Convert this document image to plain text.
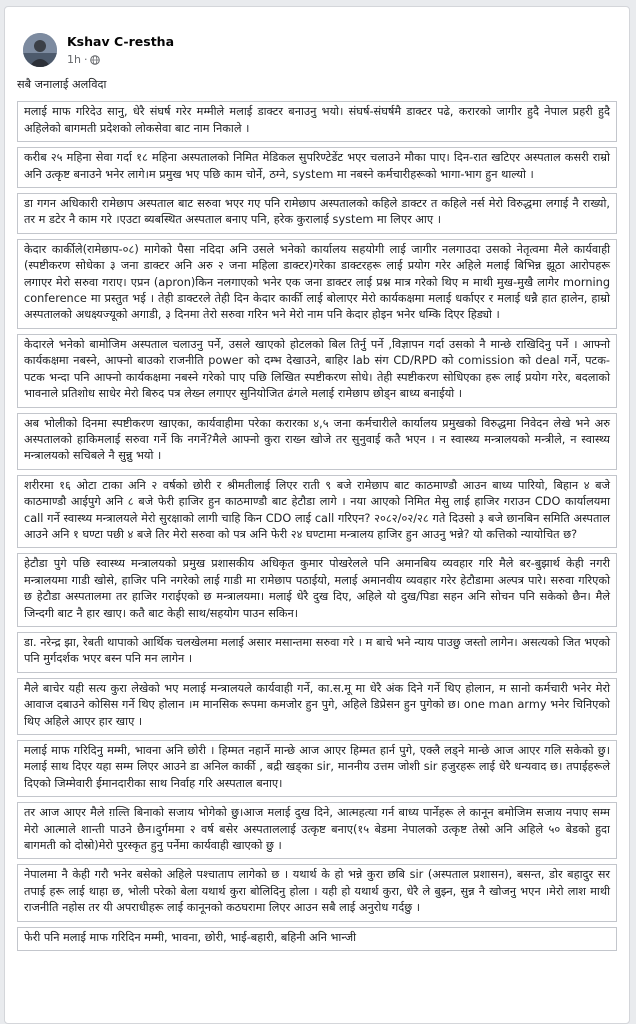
Kshav C-restha
1h ·

सबै जनालाई अलविदा

मलाई माफ गरिदेउ सानु, धेरै संघर्ष गरेर मम्मीले मलाई डाक्टर बनाउनु भयो। संघर्ष-संघर्षमै डाक्टर पढे, करारको जागीर हुदै नेपाल प्रहरी हुदै अहिलेको बागमती प्रदेशको लोकसेवा बाट नाम निकाले ।

करीब २५ महिना सेवा गर्दा १८ महिना अस्पतालको निमित मेडिकल सुपरिण्टेडेंट भएर चलाउने मौका पाए। दिन-रात खटिएर अस्पताल कसरी राम्रो अनि उत्कृष्ट बनाउने भनेर लागे।म प्रमुख भए पछि काम चोर्ने, ठग्ने, system मा नबस्ने कर्मचारीहरूको भागा-भाग हुन थाल्यो ।

डा गगन अधिकारी रामेछाप अस्पताल बाट सरुवा भएर गए पनि रामेछाप अस्पतालको कहिले डाक्टर त कहिले नर्स मेरो विरुद्धमा लगाई नै राख्यो, तर म डटेर नै काम गरे ।एउटा ब्यबस्थित अस्पताल बनाए पनि, हरेक कुरालाई system मा लिएर आए ।

केदार कार्कीले(रामेछाप-०८) मागेको पैसा नदिदा अनि उसले भनेको कार्यालय सहयोगी लाई जागीर नलगाउदा उसको नेतृत्वमा मैले कार्यवाही (स्पष्टीकरण सोधेका ३ जना डाक्टर अनि अरु २ जना महिला डाक्टर)गरेका डाक्टरहरू लाई प्रयोग गरेर अहिले मलाई बिभिन्न झूठा आरोपहरू लगाएर मेरो सरुवा गराए। एप्रन (apron)किन नलगाएको भनेर एक जना डाक्टर लाई प्रश्न मात्र गरेको थिए म माथी मुख-मुखै लागेर morning conference मा प्रस्तुत भई । तेही डाक्टरले तेही दिन केदार कार्की लाई बोलाएर मेरो कार्यकक्षमा मलाई धर्काएर र मलाई धन्नै हात हालेन, हाम्रो अस्पतालको अधक्ष्यज्यूको अगाडी, ३ दिनमा तेरो सरुवा गरिन भने मेरो नाम पनि केदार होइन भनेर धम्कि दिएर हिड्यो ।

केदारले भनेको बामोजिम अस्पताल चलाउनु पर्ने, उसले खाएको होटलको बिल तिर्नु पर्ने ,विज्ञापन गर्दा उसको नै मान्छे राखिदिनु पर्ने । आफ्नो कार्यकक्षमा नबस्ने, आफ्नो बाउको राजनीति power को दम्भ देखाउने, बाहिर lab संग CD/RPD को comission को deal गर्ने, पटक-पटक भन्दा पनि आफ्नो कार्यकक्षमा नबस्ने गरेको पाए पछि लिखित स्पष्टीकरण सोधे। तेही स्पष्टीकरण सोधिएका हरू लाई प्रयोग गरेर, बदलाको भावनाले प्रतिशोध साधेर मेरो बिरुद पत्र लेख्न लगाएर सुनियोजित ढंगले मलाई रामेछाप छोड्न बाध्य बनाईयो ।

अब भोलीको दिनमा स्पष्टीकरण खाएका, कार्यवाहीमा परेका करारका ४,५ जना कर्मचारीले कार्यालय प्रमुखको विरुद्धमा निवेदन लेखे भने अरु अस्पतालको हाकिमलाई सरुवा गर्ने कि नगर्ने?मैले आफ्नो कुरा राख्न खोजे तर सुनुवाई कतै भएन । न स्वास्थ्य मन्त्रालयको मन्त्रीले, न स्वास्थ्य मन्त्रालयको सचिबले नै सुन्नु भयो ।

शरीरमा १६ ओटा टाका अनि २ वर्षको छोरी र श्रीमतीलाई लिएर राती ९ बजे रामेछाप बाट काठमाण्डौ आउन बाध्य पारियो, बिहान ४ बजे काठमाण्डौ आईपुगे अनि ८ बजे फेरी हाजिर हुन काठमाण्डौ बाट हेटौडा लागे । नया आएको निमित मेसु लाई हाजिर गराउन CDO कार्यालयमा call गर्ने स्वास्थ्य मन्त्रालयले मेरो सुरक्षाको लागी चाहि किन CDO लाई call गरिएन? २०८२/०२/२८ गते दिउसो ३ बजे छानबिन समिति अस्पताल आउने अनि १ घण्टा पछी ४ बजे तिर मेरो सरुवा को पत्र अनि फेरी २४ घण्टामा मन्त्रालय हाजिर हुन आउनु भन्ने? यो कत्तिको न्यायोचित छ?

हेटौडा पुगे पछि स्वास्थ्य मन्त्रालयको प्रमुख प्रशासकीय अधिकृत कुमार पोखरेलले पनि अमानबिय व्यवहार गरि मैले बर-बुझार्थ केही नगरी मन्त्रालयमा गाडी खोसे, हाजिर पनि नगरेको लाई गाडी मा रामेछाप पठाईयो, मलाई अमानवीय व्यवहार गरेर हेटौडामा अल्पत्र पारे। सरुवा गरिएको छ हेटौडा अस्पतालमा तर हाजिर गराईएको छ मन्त्रालयमा। मलाई धेरै दुख दिए, अहिले यो दुख/पिडा सहन अनि सोचन पनि सकेको छैन। मैले जिन्दगी बाट नै हार खाए। कतै बाट केही साथ/सहयोग पाउन सकिन।

डा. नरेन्द्र झा, रेबती थापाको आर्थिक चलखेलमा मलाई असार मसान्तमा सरुवा गरे । म बाचे भने न्याय पाउछु जस्तो लागेन। असत्यको जित भएको पनि मुर्गदर्शक भएर बस्न पनि मन लागेन ।

मैले बाचेर यही सत्य कुरा लेखेको भए मलाई मन्त्रालयले कार्यवाही गर्ने, का.स.मू मा धेरै अंक दिने गर्ने थिए होलान, म सानो कर्मचारी भनेर मेरो आवाज दबाउने कोसिस गर्ने थिए होलान ।म मानसिक रूपमा कमजोर हुन पुगे, अहिले डिप्रेसन हुन पुगेको छ। one man army भनेर चिनिएको थिए अहिले आएर हार खाए ।

मलाई माफ गरिदिनु मम्मी, भावना अनि छोरी । हिम्मत नहार्ने मान्छे आज आएर हिम्मत हार्न पुगे, एक्लै लड्ने मान्छे आज आएर गलि सकेको छु। मलाई साथ दिएर यहा सम्म लिएर आउने डा अनिल कार्की , बद्री खड्का sir, माननीय उत्तम जोशी sir हजुरहरू लाई धेरै धन्यवाद छ। तपाईहरूले दिएको जिम्मेवारी ईमानदारीका साथ निर्वाह गरि अस्पताल बनाए।

तर आज आएर मैले ग़ल्ति बिनाको सजाय भोगेको छु।आज मलाई दुख दिने, आत्महत्या गर्न बाध्य पार्नेहरू ले कानून बमोजिम सजाय नपाए सम्म मेरो आत्माले शान्ती पाउने छैन।दुर्गममा २ वर्ष बसेर अस्पताललाई उत्कृष्ट बनाए(१५ बेडमा नेपालको उत्कृष्ट तेस्रो अनि अहिले ५० बेडको हुदा बागमती को दोस्रो)मेरो पुरस्कृत हुनु पर्नेमा कार्यवाही खाएको छु ।

नेपालमा नै केही गरौ भनेर बसेको अहिले पश्चाताप लागेको छ । यथार्थ के हो भन्ने कुरा छबि sir (अस्पताल प्रशासन), बसन्त, डोर बहादुर सर तपाई हरू लाई थाहा छ, भोली परेको बेला यथार्थ कुरा बोलिदिनु होला । यही हो यथार्थ कुरा, धेरै ले बुझ्न, सुन्न नै खोजनु भएन ।मेरो लाश माथी राजनीति नहोस तर यी अपराधीहरू लाई कानूनको कठघरामा लिएर आउन सबै लाई अनुरोध गर्दछु ।

फेरी पनि मलाई माफ गरिदिन मम्मी, भावना, छोरी, भाई-बहारी, बहिनी अनि भान्जी
